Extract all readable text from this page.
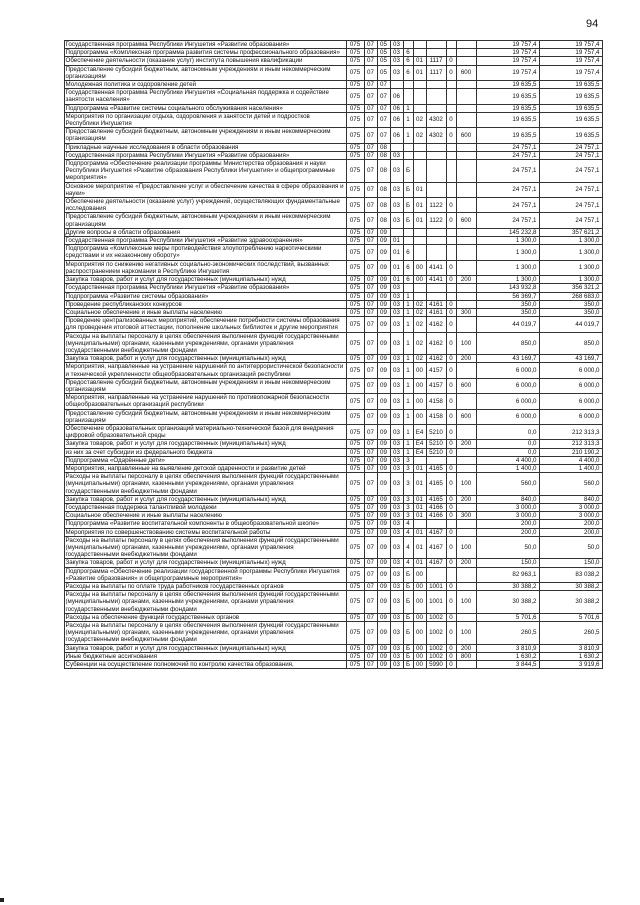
94
	Государственная программа Республики Ингушетия «Развитие образования»	075	07	05	03						19 757,4	19 757,4
	Подпрограмма «Комплексная программа развития системы профессионального образования»	075	07	05	03	6					19 757,4	19 757,4
	Обеспечение деятельности (оказание услуг) института повышения квалификации	075	07	05	03	6	01	1117	0		19 757,4	19 757,4
	Предоставление субсидий бюджетным, автономным учреждениям и иным некоммерческим организациям	075	07	05	03	6	01	1117	0	600	19 757,4	19 757,4
	Молодежная политика и оздоровление детей	075	07	07							19 635,5	19 635,5
	Государственная программа Республики Ингушетия «Социальная поддержка и содействие занятости населения»	075	07	07	06						19 635,5	19 635,5
	Подпрограмма «Развитие системы социального обслуживания населения»	075	07	07	06	1					19 635,5	19 635,5
	Мероприятия по организации отдыха, оздоровления и занятости детей и подростков Республики Ингушетия	075	07	07	06	1	02	4302	0		19 635,5	19 635,5
	Предоставление субсидий бюджетным, автономным учреждениям и иным некоммерческим организациям	075	07	07	06	1	02	4302	0	600	19 635,5	19 635,5
	Прикладные научные исследования в области образования	075	07	08							24 757,1	24 757,1
	Государственная программа Республики Ингушетия «Развитие образования»	075	07	08	03						24 757,1	24 757,1
	Подпрограмма «Обеспечение реализации программы Министерства образования и науки Республики Ингушетия «Развитие образования Республики Ингушетия» и общепрограммные мероприятия»	075	07	08	03	Б					24 757,1	24 757,1
	Основное мероприятие «Предоставление услуг и обеспечение качества в сфере образования и науки»	075	07	08	03	Б	01				24 757,1	24 757,1
	Обеспечение деятельности (оказание услуг) учреждений, осуществляющих фундаментальные исследования	075	07	08	03	Б	01	1122	0		24 757,1	24 757,1
	Предоставление субсидий бюджетным, автономным учреждениям и иным некоммерческим организациям	075	07	08	03	Б	01	1122	0	600	24 757,1	24 757,1
	Другие вопросы в области образования	075	07	09							145 232,8	357 621,2
	Государственная программа Республики Ингушетия «Развитие здравоохранения»	075	07	09	01						1 300,0	1 300,0
	Подпрограмма «Комплексные меры противодействия злоупотреблению наркотическими средствами и их незаконному обороту»	075	07	09	01	6					1 300,0	1 300,0
	Мероприятия по снижению негативных социально-экономических последствий, вызванных распространением наркомании в Республике Ингушетия	075	07	09	01	6	00	4141	0		1 300,0	1 300,0
	Закупка товаров, работ и услуг для государственных (муниципальных) нужд	075	07	09	01	6	00	4141	0	200	1 300,0	1 300,0
	Государственная программа Республики Ингушетия «Развитие образования»	075	07	09	03						143 932,8	356 321,2
	Подпрограмма «Развитие системы образования»	075	07	09	03	1					56 369,7	268 683,0
	Проведение республиканских конкурсов	075	07	09	03	1	02	4161	0		350,0	350,0
	Социальное обеспечение и иные выплаты населению	075	07	09	03	1	02	4161	0	300	350,0	350,0
	Проведение централизованных мероприятий, обеспечение потребности системы образования для проведения итоговой аттестации, пополнение школьных библиотек и другие мероприятия	075	07	09	03	1	02	4162	0		44 019,7	44 019,7
	Расходы на выплаты персоналу в целях обеспечения выполнения функций государственными (муниципальными) органами, казенными учреждениями, органами управления государственными внебюджетными фондами	075	07	09	03	1	02	4162	0	100	850,0	850,0
	Закупка товаров, работ и услуг для государственных (муниципальных) нужд	075	07	09	03	1	02	4162	0	200	43 169,7	43 169,7
	Мероприятия, направленные на устранение нарушений по антитеррористической безопасности и технической укрепленности общеобразовательных организаций республики	075	07	09	03	1	00	4157	0		6 000,0	6 000,0
	Предоставление субсидий бюджетным, автономным учреждениям и иным некоммерческим организациям	075	07	09	03	1	00	4157	0	600	6 000,0	6 000,0
	Мероприятия, направленные на устранение нарушений по противопожарной безопасности общеобразовательных организаций республики	075	07	09	03	1	00	4158	0		6 000,0	6 000,0
	Предоставление субсидий бюджетным, автономным учреждениям и иным некоммерческим организациям	075	07	09	03	1	00	4158	0	600	6 000,0	6 000,0
	Обеспечение образовательных организаций материально-технической базой для внедрения цифровой образовательной среды	075	07	09	03	1	Е4	5210	0		0,0	212 313,3
	Закупка товаров, работ и услуг для государственных (муниципальных) нужд	075	07	09	03	1	Е4	5210	0	200	0,0	212 313,3
	из них за счет субсидии из федерального бюджета	075	07	09	03	1	Е4	5210	0		0,0	210 190,2
	Подпрограмма «Одарённые дети»	075	07	09	03	3					4 400,0	4 400,0
	Мероприятия, направленные на выявление детской одаренности и развитие детей	075	07	09	03	3	01	4165	0		1 400,0	1 400,0
	Расходы на выплаты персоналу в целях обеспечения выполнения функций государственными (муниципальными) органами, казенными учреждениями, органами управления государственными внебюджетными фондами	075	07	09	03	3	01	4165	0	100	560,0	560,0
	Закупка товаров, работ и услуг для государственных (муниципальных) нужд	075	07	09	03	3	01	4165	0	200	840,0	840,0
	Государственная поддержка талантливой молодежи	075	07	09	03	3	01	4166	0		3 000,0	3 000,0
	Социальное обеспечение и иные выплаты населению	075	07	09	03	3	01	4166	0	300	3 000,0	3 000,0
	Подпрограмма «Развитие воспитательной компоненты в общеобразовательной школе»	075	07	09	03	4					200,0	200,0
	Мероприятия по совершенствованию системы воспитательной работы	075	07	09	03	4	01	4167	0		200,0	200,0
	Расходы на выплаты персоналу в целях обеспечения выполнения функций государственными (муниципальными) органами, казенными учреждениями, органами управления государственными внебюджетными фондами	075	07	09	03	4	01	4167	0	100	50,0	50,0
	Закупка товаров, работ и услуг для государственных (муниципальных) нужд	075	07	09	03	4	01	4167	0	200	150,0	150,0
	Подпрограмма «Обеспечение реализации государственной программы Республики Ингушетия «Развитие образования» и общепрограммные мероприятия»	075	07	09	03	Б	00				82 963,1	83 038,2
	Расходы на выплаты по оплате труда работников государственных органов	075	07	09	03	Б	00	1001	0		30 388,2	30 388,2
	Расходы на выплаты персоналу в целях обеспечения выполнения функций государственными (муниципальными) органами, казенными учреждениями, органами управления государственными внебюджетными фондами	075	07	09	03	Б	00	1001	0	100	30 388,2	30 388,2
	Расходы на обеспечение функций государственных органов	075	07	09	03	Б	00	1002	0		5 701,6	5 701,6
	Расходы на выплаты персоналу в целях обеспечения выполнения функций государственными (муниципальными) органами, казенными учреждениями, органами управления государственными внебюджетными фондами	075	07	09	03	Б	00	1002	0	100	260,5	260,5
	Закупка товаров, работ и услуг для государственных (муниципальных) нужд	075	07	09	03	Б	00	1002	0	200	3 810,9	3 810,9
	Иные бюджетные ассигнования	075	07	09	03	Б	00	1002	0	800	1 630,2	1 630,2
	Субвенции на осуществление полномочий по контролю качества образования,	075	07	09	03	Б	00	5990	0		3 844,5	3 919,6
